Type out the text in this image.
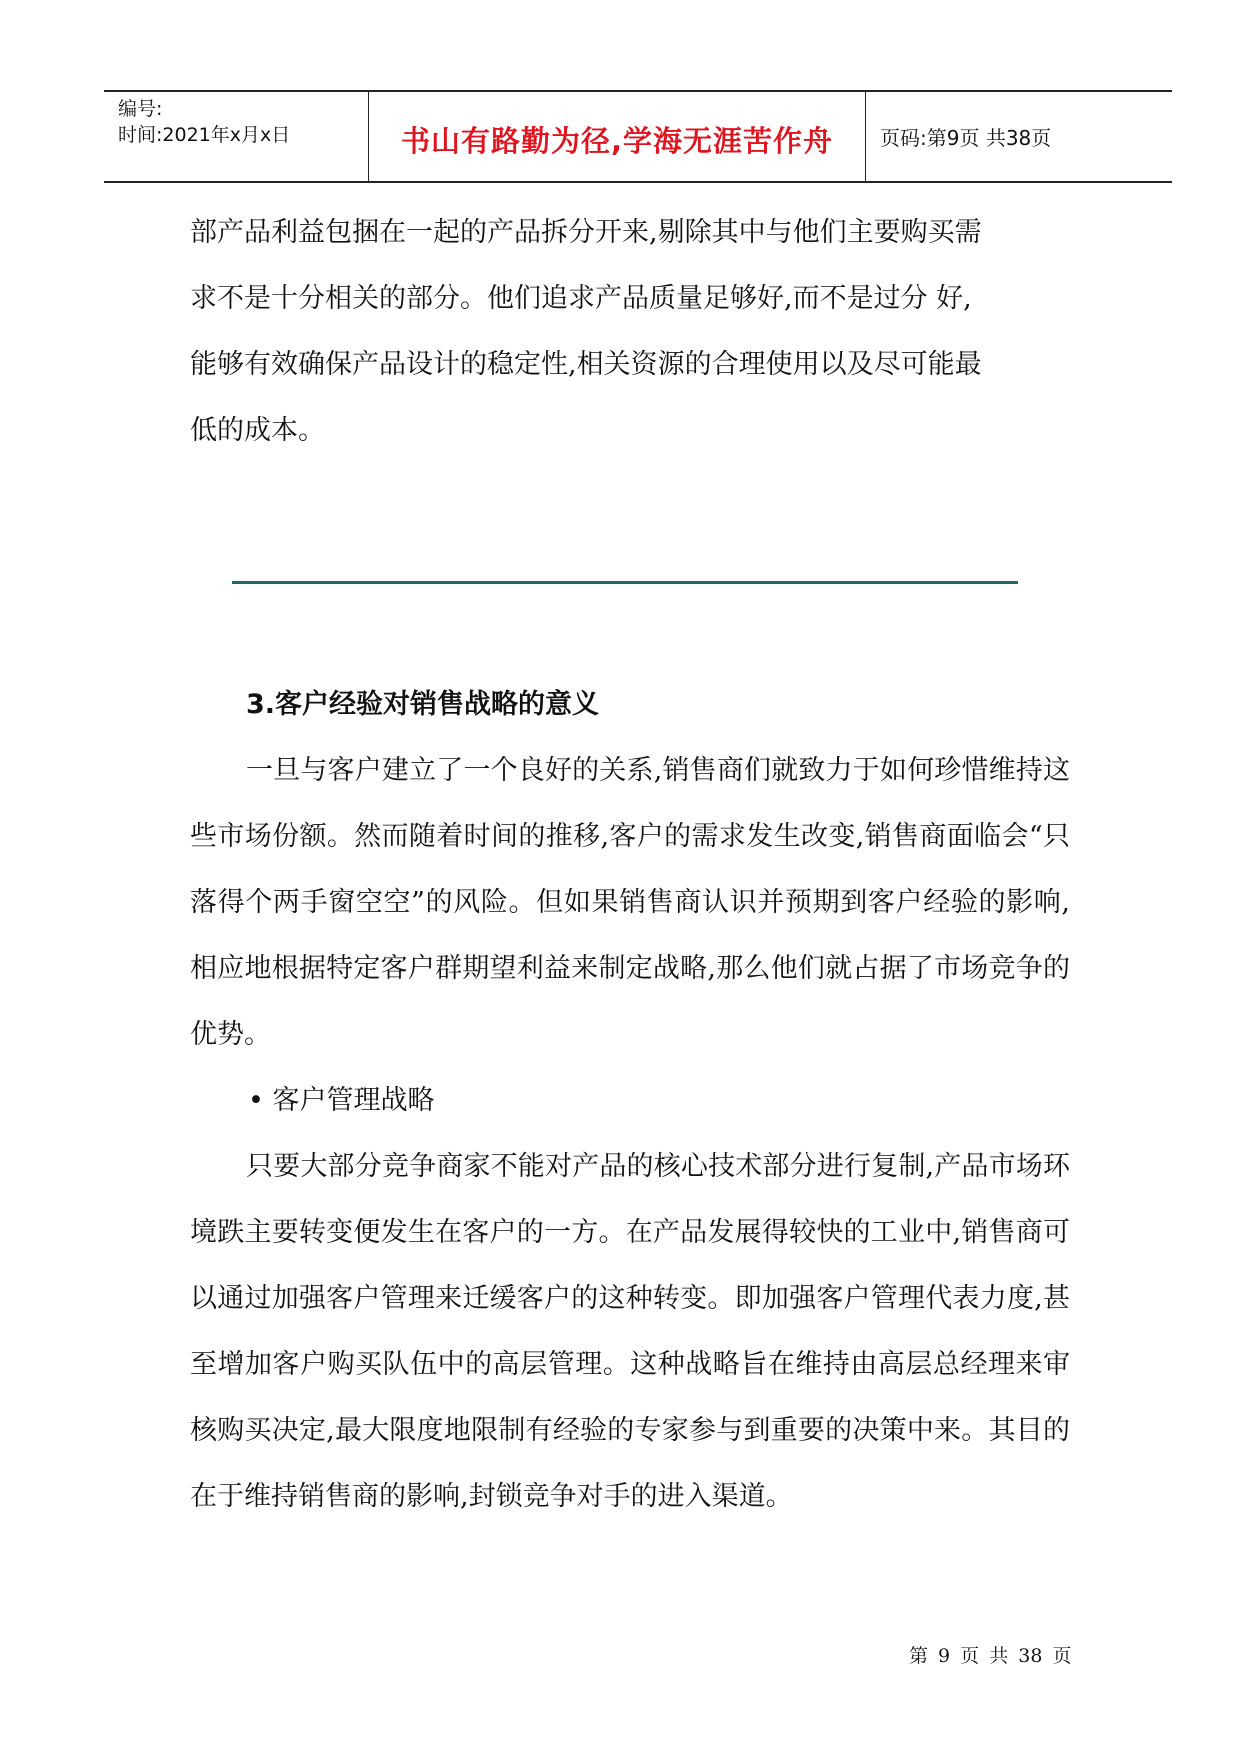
编号:
时间:2021年x月x日	书山有路勤为径,学海无涯苦作舟 页码:第9页 共38页

部产品利益包捆在一起的产品拆分开来,剔除其中与他们主要购买需

求不是十分相关的部分。他们追求产品质量足够好,而不是过分 好,

能够有效确保产品设计的稳定性,相关资源的合理使用以及尽可能最

低的成本。

3.客户经验对销售战略的意义

一旦与客户建立了一个良好的关系,销售商们就致力于如何珍惜维持这些市场份额。然而随着时间的推移,客户的需求发生改变,销售商面临会“只落得个两手窗空空”的风险。但如果销售商认识并预期到客户经验的影响,相应地根据特定客户群期望利益来制定战略,那么他们就占据了市场竞争的优势。

• 客户管理战略

只要大部分竞争商家不能对产品的核心技术部分进行复制,产品市场环境跌主要转变便发生在客户的一方。在产品发展得较快的工业中,销售商可以通过加强客户管理来迁缓客户的这种转变。即加强客户管理代表力度,甚至增加客户购买队伍中的高层管理。这种战略旨在维持由高层总经理来审核购买决定,最大限度地限制有经验的专家参与到重要的决策中来。其目的在于维持销售商的影响,封锁竞争对手的进入渠道。

第 9 页 共 38 页
